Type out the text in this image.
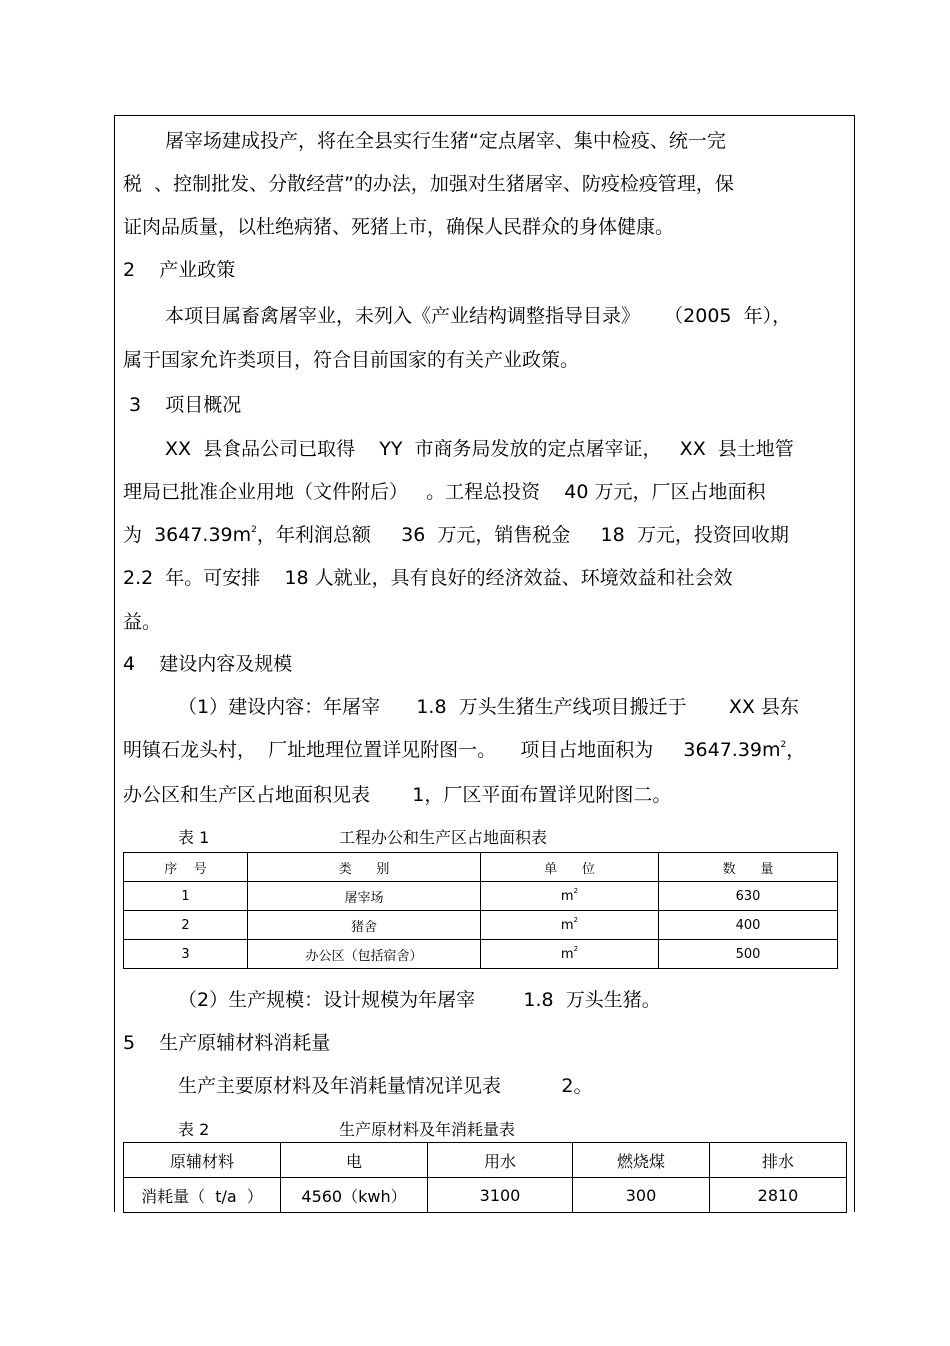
屠宰场建成投产，将在全县实行生猪“定点屠宰、集中检疫、统一完
税  、控制批发、分散经营”的办法，加强对生猪屠宰、防疫检疫管理，保
证肉品质量，以杜绝病猪、死猪上市，确保人民群众的身体健康。
2    产业政策
本项目属畜禽屠宰业，未列入《产业结构调整指导目录》    （2005  年），
属于国家允许类项目，符合目前国家的有关产业政策。
3    项目概况
XX  县食品公司已取得    YY  市商务局发放的定点屠宰证，   XX  县土地管
理局已批准企业用地（文件附后）   。工程总投资    40 万元，厂区占地面积
为  $3647.39m^2$，年利润总额     36  万元，销售税金     18  万元，投资回收期
2.2  年。可安排    18 人就业，具有良好的经济效益、环境效益和社会效
益。
4    建设内容及规模
（1）建设内容：年屠宰      1.8  万头生猪生产线项目搬迁于       XX 县东
明镇石龙头村，  厂址地理位置详见附图一。    项目占地面积为     $3647.39m^2$，
办公区和生产区占地面积见表       1，厂区平面布置详见附图二。
表 1	工程办公和生产区占地面积表
序    号	类      别	单      位	数      量
1	屠宰场	$m^2$	630
2	猪舍	$m^2$	400
3	办公区（包括宿舍）	$m^2$	500
（2）生产规模：设计规模为年屠宰        1.8  万头生猪。
5    生产原辅材料消耗量
生产主要原材料及年消耗量情况详见表          2。
表 2	生产原材料及年消耗量表
原辅材料	电	用水	燃烧煤	排水
消耗量（  t/a  ）	4560（kwh）	3100	300	2810
